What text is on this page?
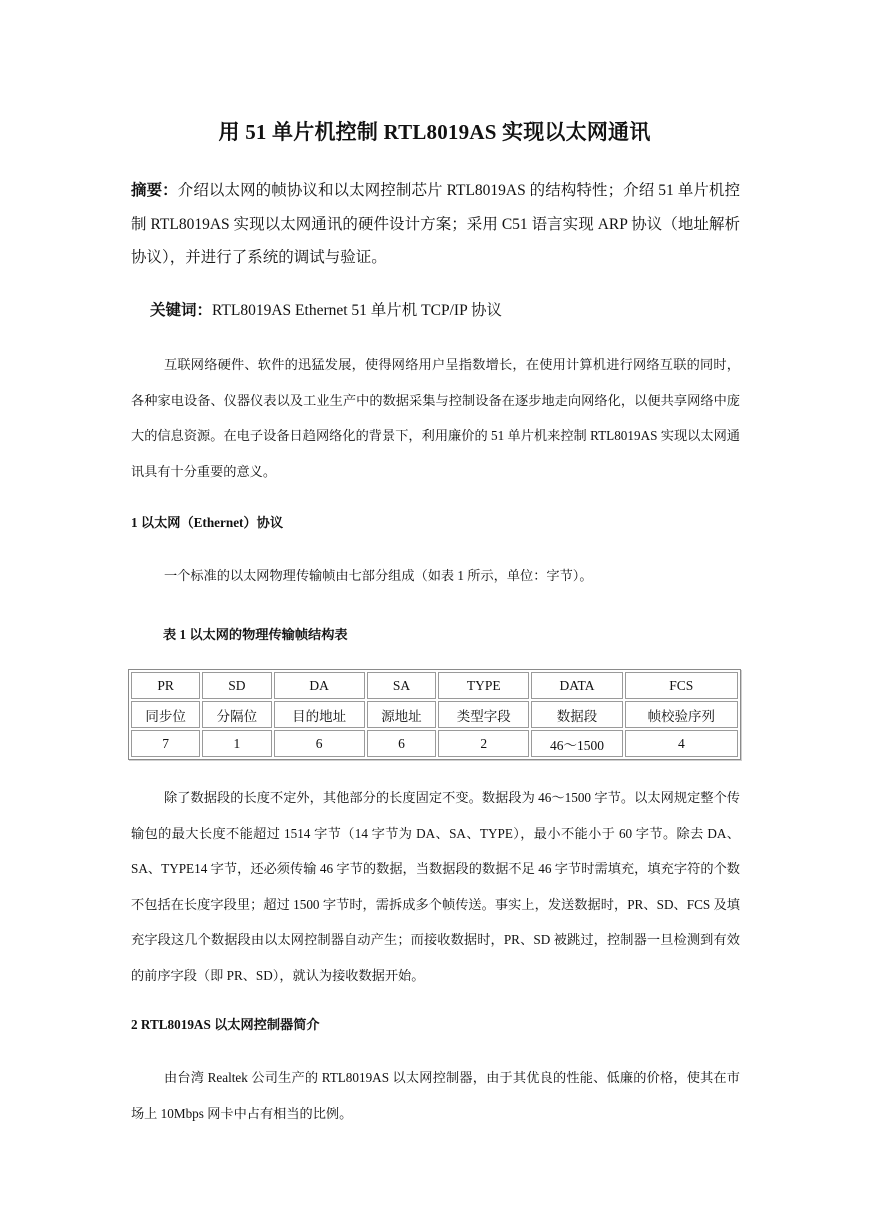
用 51 单片机控制 RTL8019AS 实现以太网通讯
摘要：介绍以太网的帧协议和以太网控制芯片 RTL8019AS 的结构特性；介绍 51 单片机控制 RTL8019AS 实现以太网通讯的硬件设计方案；采用 C51 语言实现 ARP 协议（地址解析协议），并进行了系统的调试与验证。
关键词：RTL8019AS Ethernet 51 单片机 TCP/IP 协议
互联网络硬件、软件的迅猛发展，使得网络用户呈指数增长，在使用计算机进行网络互联的同时，各种家电设备、仪器仪表以及工业生产中的数据采集与控制设备在逐步地走向网络化，以便共享网络中庞大的信息资源。在电子设备日趋网络化的背景下，利用廉价的 51 单片机来控制 RTL8019AS 实现以太网通讯具有十分重要的意义。
1 以太网（Ethernet）协议
一个标准的以太网物理传输帧由七部分组成（如表 1 所示，单位：字节）。
表 1 以太网的物理传输帧结构表
PR	SD	DA	SA	TYPE	DATA	FCS
同步位	分隔位	目的地址	源地址	类型字段	数据段	帧校验序列
7	1	6	6	2	46～1500	4
除了数据段的长度不定外，其他部分的长度固定不变。数据段为 46～1500 字节。以太网规定整个传输包的最大长度不能超过 1514 字节（14 字节为 DA、SA、TYPE），最小不能小于 60 字节。除去 DA、SA、TYPE14 字节，还必须传输 46 字节的数据，当数据段的数据不足 46 字节时需填充，填充字符的个数不包括在长度字段里；超过 1500 字节时，需拆成多个帧传送。事实上，发送数据时，PR、SD、FCS 及填充字段这几个数据段由以太网控制器自动产生；而接收数据时，PR、SD 被跳过，控制器一旦检测到有效的前序字段（即 PR、SD），就认为接收数据开始。
2 RTL8019AS 以太网控制器简介
由台湾 Realtek 公司生产的 RTL8019AS 以太网控制器，由于其优良的性能、低廉的价格，使其在市场上 10Mbps 网卡中占有相当的比例。
